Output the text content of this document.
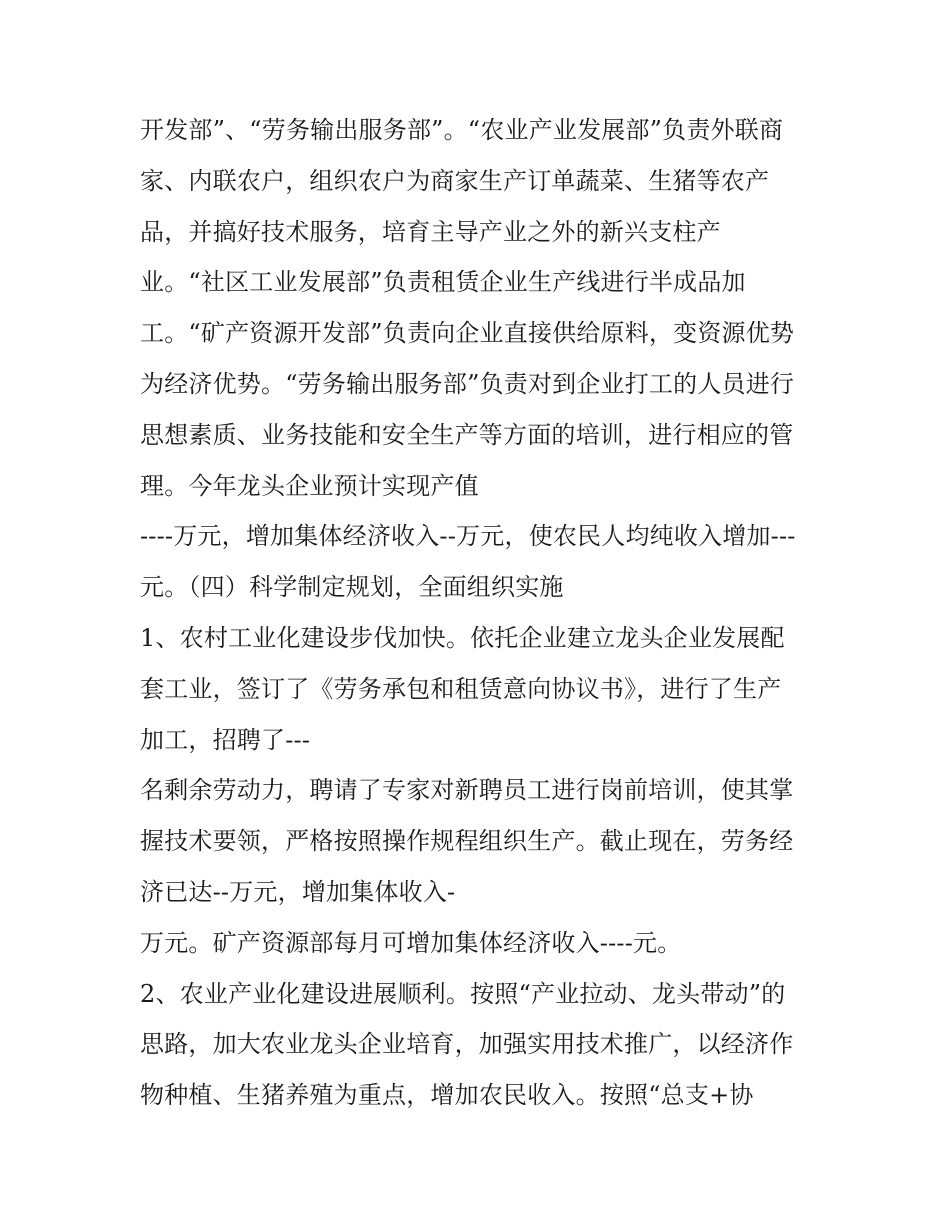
开发部”、“劳务输出服务部”。“农业产业发展部”负责外联商
家、内联农户，组织农户为商家生产订单蔬菜、生猪等农产
品，并搞好技术服务，培育主导产业之外的新兴支柱产
业。“社区工业发展部”负责租赁企业生产线进行半成品加
工。“矿产资源开发部”负责向企业直接供给原料，变资源优势
为经济优势。“劳务输出服务部”负责对到企业打工的人员进行
思想素质、业务技能和安全生产等方面的培训，进行相应的管
理。今年龙头企业预计实现产值
----万元，增加集体经济收入--万元，使农民人均纯收入增加---
元。（四）科学制定规划，全面组织实施
1、农村工业化建设步伐加快。依托企业建立龙头企业发展配
套工业，签订了《劳务承包和租赁意向协议书》，进行了生产
加工，招聘了---
名剩余劳动力，聘请了专家对新聘员工进行岗前培训，使其掌
握技术要领，严格按照操作规程组织生产。截止现在，劳务经
济已达--万元，增加集体收入-
万元。矿产资源部每月可增加集体经济收入----元。
2、农业产业化建设进展顺利。按照“产业拉动、龙头带动”的
思路，加大农业龙头企业培育，加强实用技术推广，以经济作
物种植、生猪养殖为重点，增加农民收入。按照“总支+协
